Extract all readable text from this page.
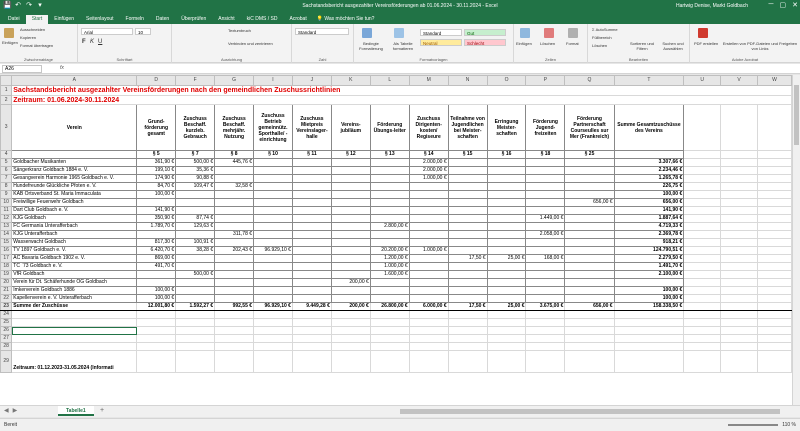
💾 ↶ ↷ ▾	Sachstandsbericht ausgezahlter Vereinsförderungen ab 01.06.2024 - 30.11.2024 - Excel	Hartwig Denise, Markt Goldbach	─ ▢ ✕
Datei	Start	Einfügen	Seitenlayout	Formeln	Daten	Überprüfen	Ansicht	kiC DMS / SD	Acrobat	💡 Was möchten Sie tun?
Einfügen
Ausschneiden
Kopieren
Format übertragen
Zwischenablage
Arial	10
F K U
Schriftart
Textumbruch
Verbinden und zentrieren
Ausrichtung
Standard
Zahl
Bedingte Formatierung
Als Tabelle formatieren
Standard	Gut
Neutral	Schlecht
Formatvorlagen
Einfügen Löschen	Format
Zellen
Σ AutoSumme
Füllbereich
Löschen	Sortieren und Filtern
Suchen und Auswählen
Bearbeiten
PDF erstellen Erstellen von PDF-Dateien und Freigeben von Links
Adobe Acrobat
A26	fx
	A	D	F	G	I	J	K	L	M	N	O	P	Q	T	U	V	W
1	Sachstandsbericht ausgezahlter Vereinsförderungen nach den gemeindlichen Zuschussrichtlinien																
2	Zeitraum: 01.06.2024-30.11.2024																
3	Verein	Grund-förderung gesamt	Zuschuss Beschaff. kurzleb. Gebrauch	Zuschuss Beschaff. mehrjähr. Nutzung	Zuschuss Betrieb gemeinnütz. Sporthalle/ -einrichtung	Zuschuss Mietpreis Vereinslager-halle	Vereins-jubiläum	Förderung Übungs-leiter	Zuschuss Dirigenten-kosten/ Regiseure	Teilnahme von Jugendlichen bei Meister-schaften	Erringung Meister-schaften	Förderung Jugend-freizeiten	Förderung Partnerschaft Courseulles sur Mer (Frankreich)	Summe Gesamtzuschüsse des Vereins			
4		§ 5	§ 7	§ 8	§ 10	§ 11	§ 12	§ 13	§ 14	§ 15	§ 16	§ 18	§ 25				
5	Goldbacher Musikanten	361,90 €	500,00 €	445,76 €					2.000,00 €					3.307,66 €			
6	Sängerkranz Goldbach 1884 e. V.	199,10 €	35,36 €						2.000,00 €					2.234,46 €			
7	Gesangverein Harmonie 1965 Goldbach e. V.	174,90 €	90,88 €						1.000,00 €					1.265,78 €			
8	Hundefreunde Glückliche Pfoten e. V.	84,70 €	109,47 €	32,58 €										226,75 €			
9	KAB Ortsverband St. Maria Immaculata	100,00 €												100,00 €			
10	Freiwillige Feuerwehr Goldbach												656,00 €	656,00 €			
11	Dart Club Goldbach e. V.	141,90 €												141,90 €			
12	KJG Goldbach	350,90 €	87,74 €									1.449,00 €		1.887,64 €			
13	FC Germania Unterafferbach	1.789,70 €	129,63 €					2.800,00 €						4.719,33 €			
14	KJG Unterafferbach			311,78 €								2.058,00 €		2.369,78 €			
15	Wasserwacht Goldbach	817,30 €	100,91 €											918,21 €			
16	TV 1897 Goldbach e. V.	6.420,70 €	38,28 €	202,43 €	96.929,10 €			20.200,00 €	1.000,00 €					124.790,51 €			
17	AC Bavaria Goldbach 1902 e. V.	869,00 €						1.200,00 €		17,50 €	25,00 €	168,00 €		2.279,50 €			
18	TC `73 Goldbach e. V.	491,70 €						1.000,00 €						1.491,70 €			
19	VfR Goldbach		500,00 €					1.600,00 €						2.100,00 €			
20	Verein für Dt. Schäferhunde OG Goldbach						200,00 €										
21	Imkerverein Goldbach 1886	100,00 €												100,00 €			
22	Kapellenverein e. V. Unterafferbach	100,00 €												100,00 €			
23	Summe der Zuschüsse	12.001,80 €	1.592,27 €	992,55 €	96.929,10 €	9.449,28 €	200,00 €	26.800,00 €	6.000,00 €	17,50 €	25,00 €	3.675,00 €	656,00 €	158.338,50 €			
24																	
25																	
26																	
27																	
28																	
29	Zeitraum: 01.12.2023-31.05.2024 (Informati																
◀ ▶	Tabelle1	+
Bereit	110 %
